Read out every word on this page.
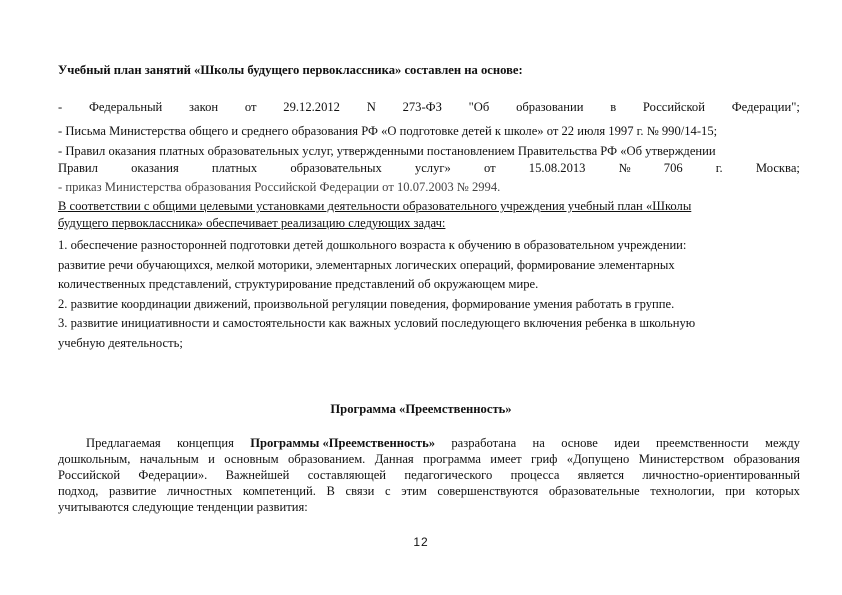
Учебный план занятий «Школы будущего первоклассника» составлен на основе:
- Федеральный закон от 29.12.2012 N 273-ФЗ "Об образовании в Российской Федерации";
- Письма Министерства общего и среднего образования РФ «О подготовке детей к школе» от 22 июля 1997 г. № 990/14-15;
- Правил оказания платных образовательных услуг, утвержденными постановлением Правительства РФ «Об утверждении
Правил	оказания	платных	образовательных	услуг»	от	15.08.2013	№	706	г.	Москва;
- приказ Министерства образования Российской Федерации от 10.07.2003 № 2994.
В соответствии с общими целевыми установками деятельности образовательного учреждения учебный план «Школы
будущего первоклассника» обеспечивает реализацию следующих задач:
1. обеспечение разносторонней подготовки детей дошкольного возраста к обучению в образовательном учреждении:
развитие речи обучающихся, мелкой моторики, элементарных логических операций, формирование элементарных
количественных представлений, структурирование представлений об окружающем мире.
2. развитие координации движений, произвольной регуляции поведения, формирование умения работать в группе.
3. развитие инициативности и самостоятельности как важных условий последующего включения ребенка в школьную
учебную деятельность;
Программа «Преемственность»
Предлагаемая концепция Программы «Преемственность» разработана на основе идеи преемственности между
дошкольным, начальным и основным образованием. Данная программа имеет гриф «Допущено Министерством образования
Российской Федерации». Важнейшей составляющей педагогического процесса является личностно-ориентированный
подход, развитие личностных компетенций. В связи с этим совершенствуются образовательные технологии, при которых
учитываются следующие тенденции развития:
12
